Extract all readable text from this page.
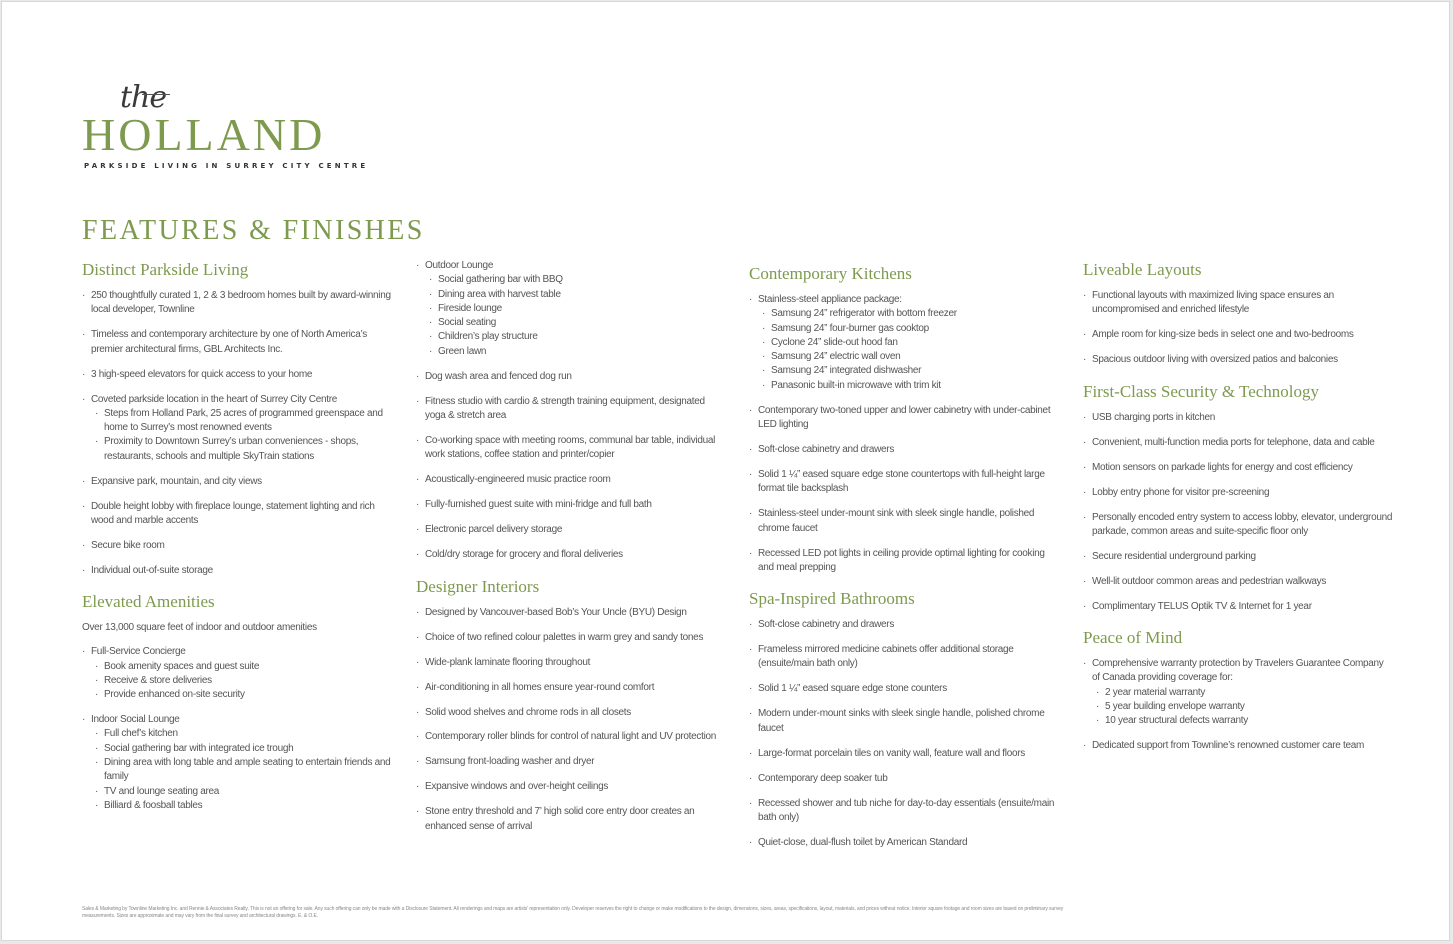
the
HOLLAND
PARKSIDE LIVING IN SURREY CITY CENTRE
FEATURES & FINISHES
Distinct Parkside Living
· 250 thoughtfully curated 1, 2 & 3 bedroom homes built by award-winning local developer, Townline
· Timeless and contemporary architecture by one of North America’s premier architectural firms, GBL Architects Inc.
· 3 high-speed elevators for quick access to your home
· Coveted parkside location in the heart of Surrey City Centre
· Steps from Holland Park, 25 acres of programmed greenspace and home to Surrey’s most renowned events
· Proximity to Downtown Surrey’s urban conveniences - shops, restaurants, schools and multiple SkyTrain stations
· Expansive park, mountain, and city views
· Double height lobby with fireplace lounge, statement lighting and rich wood and marble accents
· Secure bike room
· Individual out-of-suite storage
Elevated Amenities

Over 13,000 square feet of indoor and outdoor amenities

· Full-Service Concierge
· Book amenity spaces and guest suite
· Receive & store deliveries
· Provide enhanced on-site security
· Indoor Social Lounge
· Full chef’s kitchen
· Social gathering bar with integrated ice trough
· Dining area with long table and ample seating to entertain friends and family
· TV and lounge seating area
· Billiard & foosball tables
· Outdoor Lounge
· Social gathering bar with BBQ
· Dining area with harvest table
· Fireside lounge
· Social seating
· Children’s play structure
· Green lawn
· Dog wash area and fenced dog run
· Fitness studio with cardio & strength training equipment, designated yoga & stretch area
· Co-working space with meeting rooms, communal bar table, individual work stations, coffee station and printer/copier
· Acoustically-engineered music practice room
· Fully-furnished guest suite with mini-fridge and full bath
· Electronic parcel delivery storage
· Cold/dry storage for grocery and floral deliveries
Designer Interiors
· Designed by Vancouver-based Bob’s Your Uncle (BYU) Design
· Choice of two refined colour palettes in warm grey and sandy tones
· Wide-plank laminate flooring throughout
· Air-conditioning in all homes ensure year-round comfort
· Solid wood shelves and chrome rods in all closets
· Contemporary roller blinds for control of natural light and UV protection
· Samsung front-loading washer and dryer
· Expansive windows and over-height ceilings
· Stone entry threshold and 7’ high solid core entry door creates an enhanced sense of arrival
Contemporary Kitchens
· Stainless-steel appliance package:
· Samsung 24” refrigerator with bottom freezer
· Samsung 24” four-burner gas cooktop
· Cyclone 24” slide-out hood fan
· Samsung 24” electric wall oven
· Samsung 24” integrated dishwasher
· Panasonic built-in microwave with trim kit
· Contemporary two-toned upper and lower cabinetry with under-cabinet LED lighting
· Soft-close cabinetry and drawers
· Solid 1 ¼” eased square edge stone countertops with full-height large format tile backsplash
· Stainless-steel under-mount sink with sleek single handle, polished chrome faucet
· Recessed LED pot lights in ceiling provide optimal lighting for cooking and meal prepping
Spa-Inspired Bathrooms
· Soft-close cabinetry and drawers
· Frameless mirrored medicine cabinets offer additional storage (ensuite/main bath only)
· Solid 1 ¼” eased square edge stone counters
· Modern under-mount sinks with sleek single handle, polished chrome faucet
· Large-format porcelain tiles on vanity wall, feature wall and floors
· Contemporary deep soaker tub
· Recessed shower and tub niche for day-to-day essentials (ensuite/main bath only)
· Quiet-close, dual-flush toilet by American Standard
Liveable Layouts
· Functional layouts with maximized living space ensures an uncompromised and enriched lifestyle
· Ample room for king-size beds in select one and two-bedrooms
· Spacious outdoor living with oversized patios and balconies
First-Class Security & Technology
· USB charging ports in kitchen
· Convenient, multi-function media ports for telephone, data and cable
· Motion sensors on parkade lights for energy and cost efficiency
· Lobby entry phone for visitor pre-screening
· Personally encoded entry system to access lobby, elevator, underground parkade, common areas and suite-specific floor only
· Secure residential underground parking
· Well-lit outdoor common areas and pedestrian walkways
· Complimentary TELUS Optik TV & Internet for 1 year
Peace of Mind
· Comprehensive warranty protection by Travelers Guarantee Company of Canada providing coverage for:
· 2 year material warranty
· 5 year building envelope warranty
· 10 year structural defects warranty
· Dedicated support from Townline’s renowned customer care team
Sales & Marketing by Townline Marketing Inc. and Rennie & Associates Realty. This is not an offering for sale. Any such offering can only be made with a Disclosure Statement. All renderings and maps are artists' representation only. Developer reserves the right to change or make modifications to the design, dimensions, sizes, areas, specifications, layout, materials, and prices without notice. Interior square footage and room sizes are based on preliminary survey measurements. Sizes are approximate and may vary from the final survey and architectural drawings. E. & O.E.
